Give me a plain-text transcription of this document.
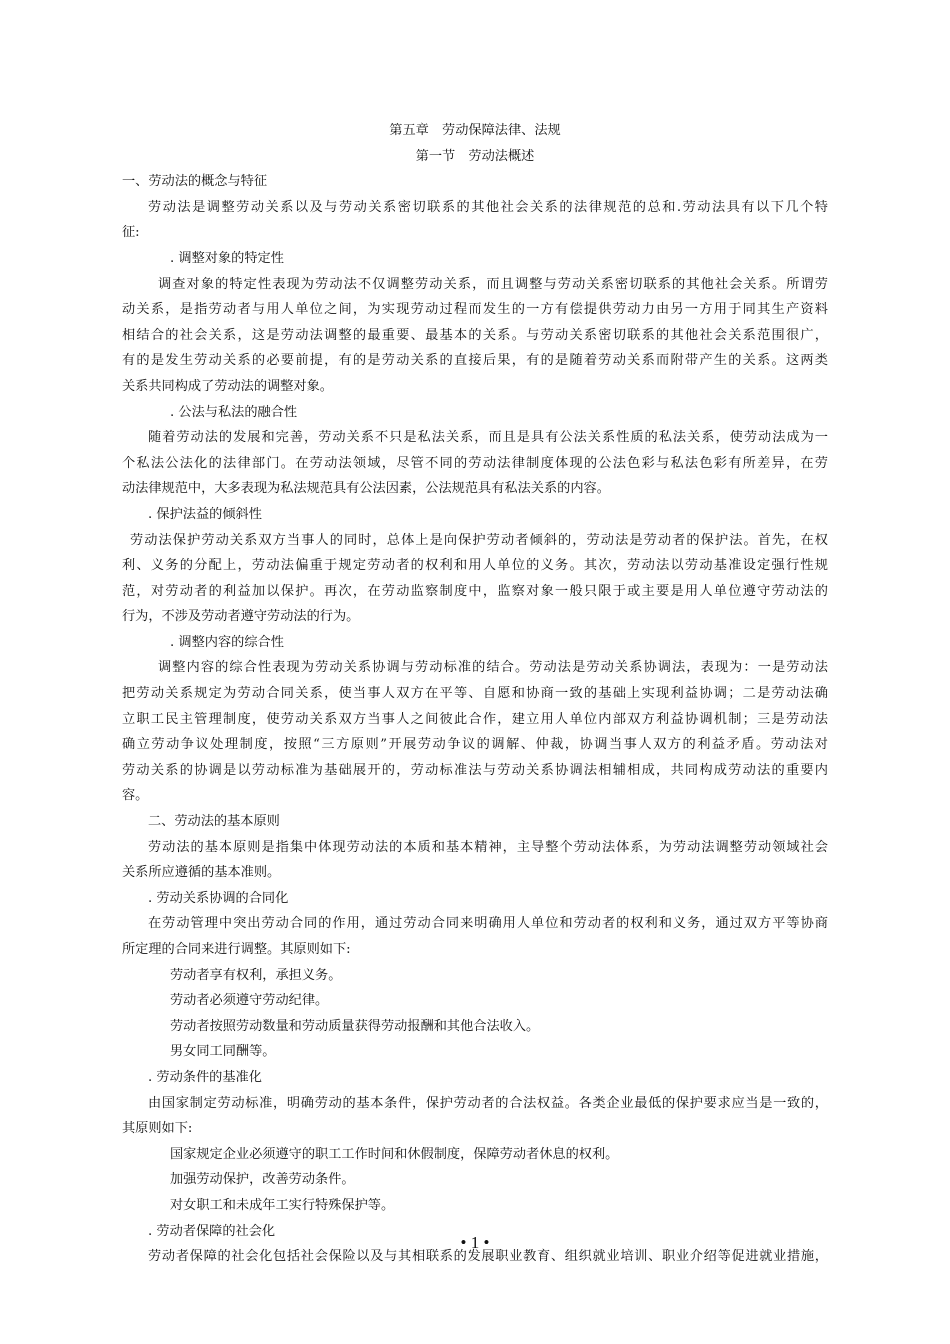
第五章　劳动保障法律、法规
第一节　劳动法概述
一、劳动法的概念与特征
劳动法是调整劳动关系以及与劳动关系密切联系的其他社会关系的法律规范的总和.劳动法具有以下几个特
征:
. 调整对象的特定性
调查对象的特定性表现为劳动法不仅调整劳动关系，而且调整与劳动关系密切联系的其他社会关系。所谓劳
动关系，是指劳动者与用人单位之间，为实现劳动过程而发生的一方有偿提供劳动力由另一方用于同其生产资料
相结合的社会关系，这是劳动法调整的最重要、最基本的关系。与劳动关系密切联系的其他社会关系范围很广，
有的是发生劳动关系的必要前提，有的是劳动关系的直接后果，有的是随着劳动关系而附带产生的关系。这两类
关系共同构成了劳动法的调整对象。
. 公法与私法的融合性
随着劳动法的发展和完善，劳动关系不只是私法关系，而且是具有公法关系性质的私法关系，使劳动法成为一
个私法公法化的法律部门。在劳动法领域，尽管不同的劳动法律制度体现的公法色彩与私法色彩有所差异，在劳
动法律规范中，大多表现为私法规范具有公法因素，公法规范具有私法关系的内容。
. 保护法益的倾斜性
劳动法保护劳动关系双方当事人的同时，总体上是向保护劳动者倾斜的，劳动法是劳动者的保护法。首先，在权
利、义务的分配上，劳动法偏重于规定劳动者的权利和用人单位的义务。其次，劳动法以劳动基准设定强行性规
范，对劳动者的利益加以保护。再次，在劳动监察制度中，监察对象一般只限于或主要是用人单位遵守劳动法的
行为，不涉及劳动者遵守劳动法的行为。
. 调整内容的综合性
调整内容的综合性表现为劳动关系协调与劳动标准的结合。劳动法是劳动关系协调法，表现为：一是劳动法
把劳动关系规定为劳动合同关系，使当事人双方在平等、自愿和协商一致的基础上实现利益协调；二是劳动法确
立职工民主管理制度，使劳动关系双方当事人之间彼此合作，建立用人单位内部双方利益协调机制；三是劳动法
确立劳动争议处理制度，按照“三方原则”开展劳动争议的调解、仲裁，协调当事人双方的利益矛盾。劳动法对
劳动关系的协调是以劳动标准为基础展开的，劳动标准法与劳动关系协调法相辅相成，共同构成劳动法的重要内
容。
二、劳动法的基本原则
劳动法的基本原则是指集中体现劳动法的本质和基本精神，主导整个劳动法体系，为劳动法调整劳动领域社会
关系所应遵循的基本准则。
. 劳动关系协调的合同化
在劳动管理中突出劳动合同的作用，通过劳动合同来明确用人单位和劳动者的权利和义务，通过双方平等协商
所定理的合同来进行调整。其原则如下:
劳动者享有权利，承担义务。
劳动者必须遵守劳动纪律。
劳动者按照劳动数量和劳动质量获得劳动报酬和其他合法收入。
男女同工同酬等。
. 劳动条件的基准化
由国家制定劳动标准，明确劳动的基本条件，保护劳动者的合法权益。各类企业最低的保护要求应当是一致的，
其原则如下:
国家规定企业必须遵守的职工工作时间和休假制度，保障劳动者休息的权利。
加强劳动保护，改善劳动条件。
对女职工和未成年工实行特殊保护等。
. 劳动者保障的社会化
劳动者保障的社会化包括社会保险以及与其相联系的发展职业教育、组织就业培训、职业介绍等促进就业措施，
• 1 •
